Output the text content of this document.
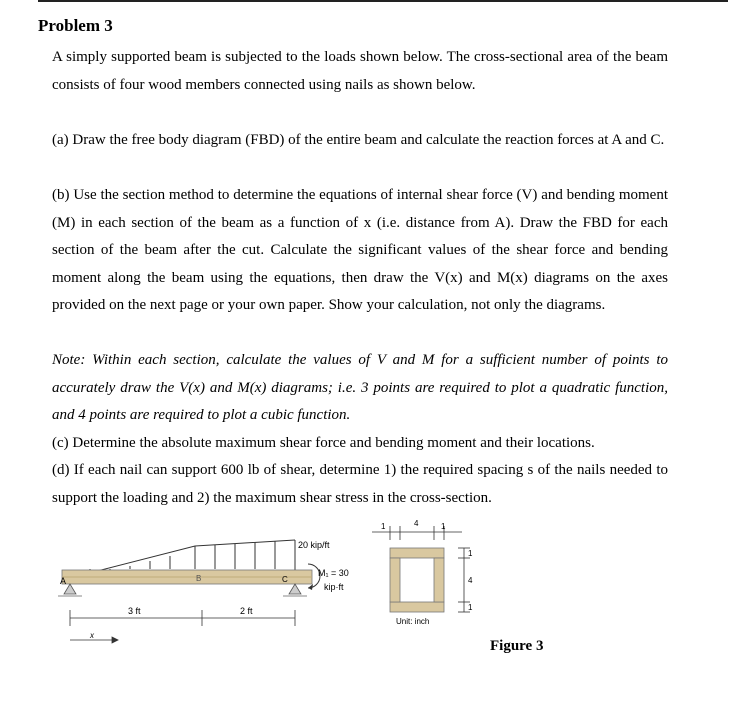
Problem 3
A simply supported beam is subjected to the loads shown below. The cross-sectional area of the beam consists of four wood members connected using nails as shown below.
(a) Draw the free body diagram (FBD) of the entire beam and calculate the reaction forces at A and C.
(b) Use the section method to determine the equations of internal shear force (V) and bending moment (M) in each section of the beam as a function of x (i.e. distance from A). Draw the FBD for each section of the beam after the cut. Calculate the significant values of the shear force and bending moment along the beam using the equations, then draw the V(x) and M(x) diagrams on the axes provided on the next page or your own paper. Show your calculation, not only the diagrams.
Note: Within each section, calculate the values of V and M for a sufficient number of points to accurately draw the V(x) and M(x) diagrams; i.e. 3 points are required to plot a quadratic function, and 4 points are required to plot a cubic function.
(c) Determine the absolute maximum shear force and bending moment and their locations.
(d) If each nail can support 600 lb of shear, determine 1) the required spacing s of the nails needed to support the loading and 2) the maximum shear stress in the cross-section.
20 kip/ft
A	B	C
M₁ = 30
kip·ft
3 ft	2 ft
x
1	4	1
1
4
1
Unit: inch
Figure 3
